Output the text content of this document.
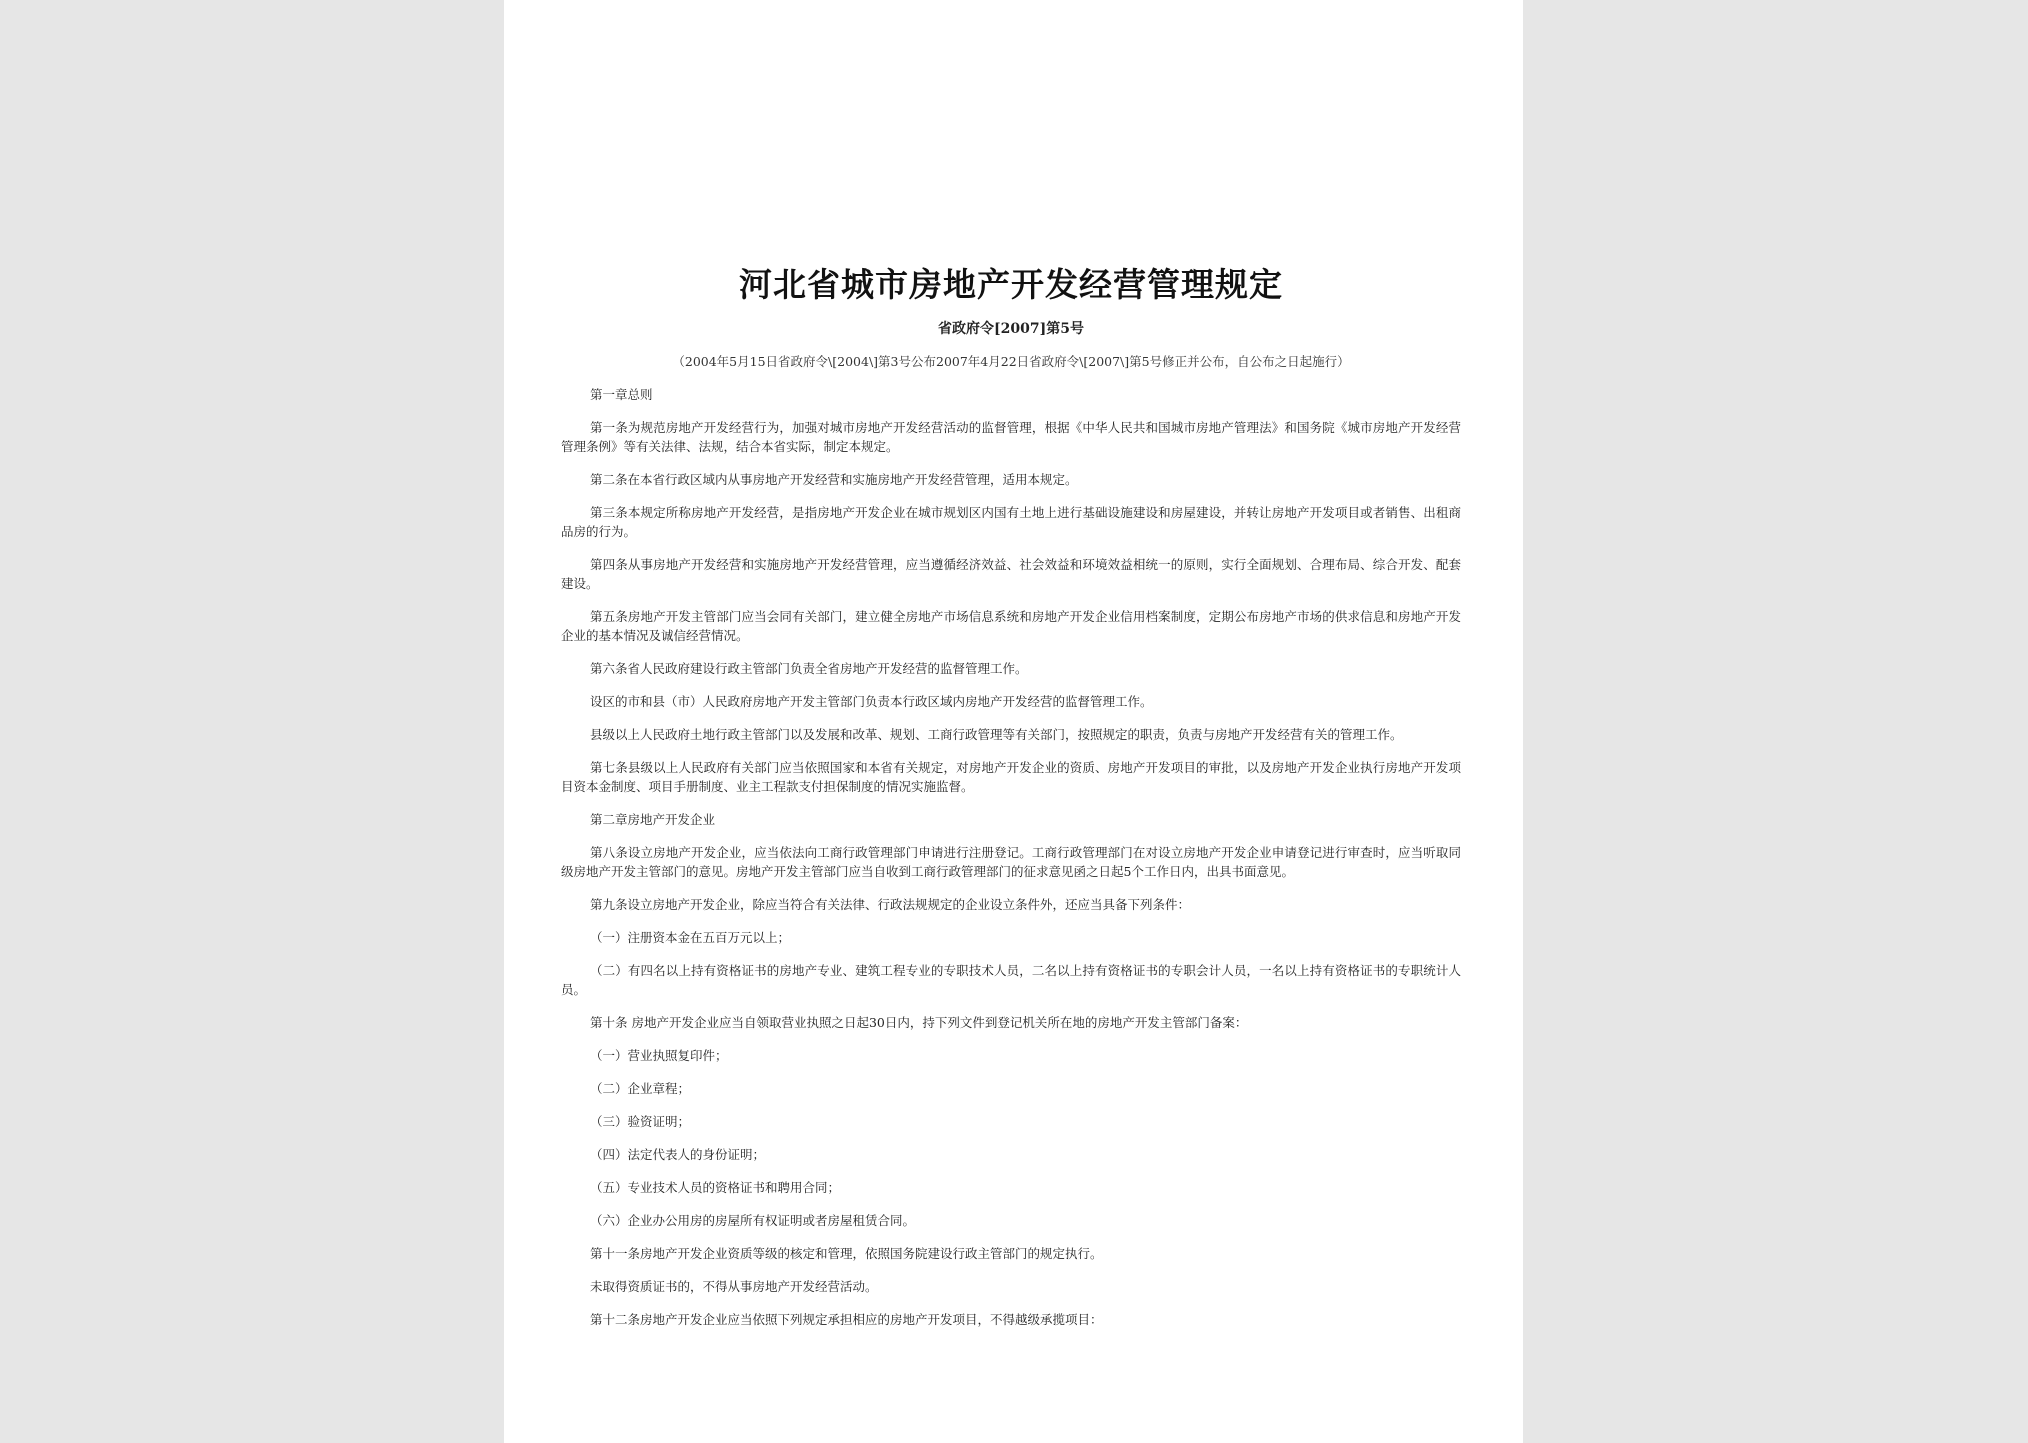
河北省城市房地产开发经营管理规定
省政府令[2007]第5号
（2004年5月15日省政府令\[2004\]第3号公布2007年4月22日省政府令\[2007\]第5号修正并公布，自公布之日起施行）

第一章总则

第一条为规范房地产开发经营行为，加强对城市房地产开发经营活动的监督管理，根据《中华人民共和国城市房地产管理法》和国务院《城市房地产开发经营管理条例》等有关法律、法规，结合本省实际，制定本规定。

第二条在本省行政区域内从事房地产开发经营和实施房地产开发经营管理，适用本规定。

第三条本规定所称房地产开发经营，是指房地产开发企业在城市规划区内国有土地上进行基础设施建设和房屋建设，并转让房地产开发项目或者销售、出租商品房的行为。

第四条从事房地产开发经营和实施房地产开发经营管理，应当遵循经济效益、社会效益和环境效益相统一的原则，实行全面规划、合理布局、综合开发、配套建设。

第五条房地产开发主管部门应当会同有关部门，建立健全房地产市场信息系统和房地产开发企业信用档案制度，定期公布房地产市场的供求信息和房地产开发企业的基本情况及诚信经营情况。

第六条省人民政府建设行政主管部门负责全省房地产开发经营的监督管理工作。

设区的市和县（市）人民政府房地产开发主管部门负责本行政区域内房地产开发经营的监督管理工作。

县级以上人民政府土地行政主管部门以及发展和改革、规划、工商行政管理等有关部门，按照规定的职责，负责与房地产开发经营有关的管理工作。

第七条县级以上人民政府有关部门应当依照国家和本省有关规定，对房地产开发企业的资质、房地产开发项目的审批，以及房地产开发企业执行房地产开发项目资本金制度、项目手册制度、业主工程款支付担保制度的情况实施监督。

第二章房地产开发企业

第八条设立房地产开发企业，应当依法向工商行政管理部门申请进行注册登记。工商行政管理部门在对设立房地产开发企业申请登记进行审查时，应当听取同级房地产开发主管部门的意见。房地产开发主管部门应当自收到工商行政管理部门的征求意见函之日起5个工作日内，出具书面意见。

第九条设立房地产开发企业，除应当符合有关法律、行政法规规定的企业设立条件外，还应当具备下列条件：

（一）注册资本金在五百万元以上；

（二）有四名以上持有资格证书的房地产专业、建筑工程专业的专职技术人员，二名以上持有资格证书的专职会计人员，一名以上持有资格证书的专职统计人员。

第十条 房地产开发企业应当自领取营业执照之日起30日内，持下列文件到登记机关所在地的房地产开发主管部门备案：

（一）营业执照复印件；

（二）企业章程；

（三）验资证明；

（四）法定代表人的身份证明；

（五）专业技术人员的资格证书和聘用合同；

（六）企业办公用房的房屋所有权证明或者房屋租赁合同。

第十一条房地产开发企业资质等级的核定和管理，依照国务院建设行政主管部门的规定执行。

未取得资质证书的，不得从事房地产开发经营活动。

第十二条房地产开发企业应当依照下列规定承担相应的房地产开发项目，不得越级承揽项目：
